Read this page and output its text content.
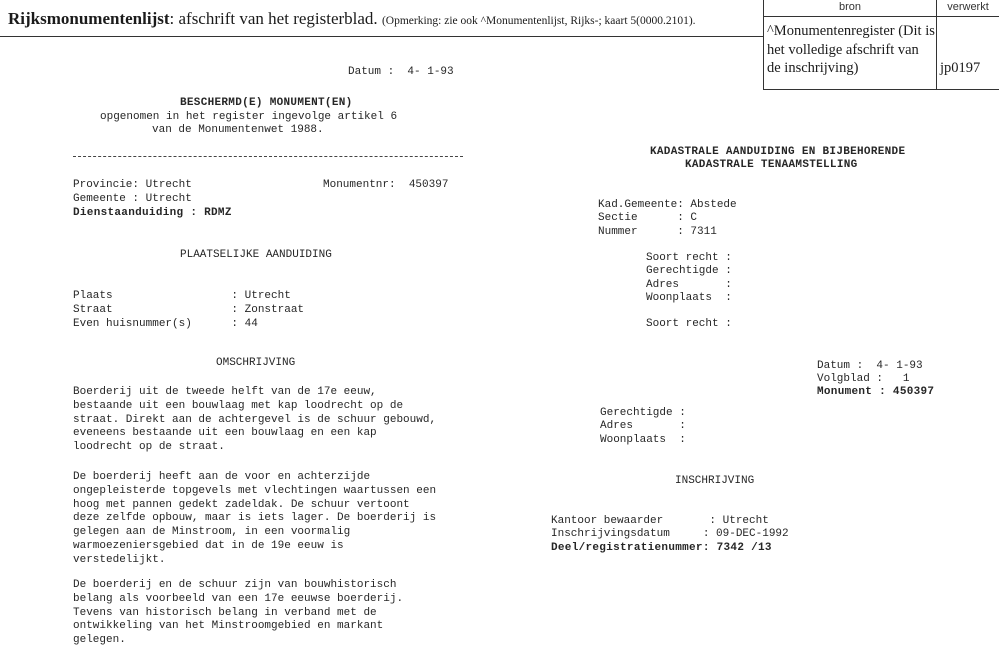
Rijksmonumentenlijst: afschrift van het registerblad. (Opmerking: zie ook ^Monumentenlijst, Rijks-; kaart 5(0000.2101).
bron	verwerkt
^Monumentenregister (Dit is het volledige afschrift van de inschrijving)	jp0197
Datum :  4- 1-93
BESCHERMD(E) MONUMENT(EN)
opgenomen in het register ingevolge artikel 6
van de Monumentenwet 1988.
Provincie: Utrecht	Monumentnr:  450397
Gemeente : Utrecht
Dienstaanduiding : RDMZ
PLAATSELIJKE AANDUIDING
Plaats                  : Utrecht
Straat                  : Zonstraat
Even huisnummer(s)      : 44
OMSCHRIJVING
Boerderij uit de tweede helft van de 17e eeuw,
bestaande uit een bouwlaag met kap loodrecht op de
straat. Direkt aan de achtergevel is de schuur gebouwd,
eveneens bestaande uit een bouwlaag en een kap
loodrecht op de straat.
De boerderij heeft aan de voor en achterzijde
ongepleisterde topgevels met vlechtingen waartussen een
hoog met pannen gedekt zadeldak. De schuur vertoont
deze zelfde opbouw, maar is iets lager. De boerderij is
gelegen aan de Minstroom, in een voormalig
warmoezeniersgebied dat in de 19e eeuw is
verstedelijkt.
De boerderij en de schuur zijn van bouwhistorisch
belang als voorbeeld van een 17e eeuwse boerderij.
Tevens van historisch belang in verband met de
ontwikkeling van het Minstroomgebied en markant
gelegen.
KADASTRALE AANDUIDING EN BIJBEHORENDE
KADASTRALE TENAAMSTELLING
Kad.Gemeente: Abstede
Sectie      : C
Nummer      : 7311
Soort recht :
Gerechtigde :
Adres       :
Woonplaats  :
Soort recht :
Datum :  4- 1-93
Volgblad :   1
Monument : 450397
Gerechtigde :
Adres       :
Woonplaats  :
INSCHRIJVING
Kantoor bewaarder       : Utrecht
Inschrijvingsdatum     : 09-DEC-1992
Deel/registratienummer: 7342 /13
